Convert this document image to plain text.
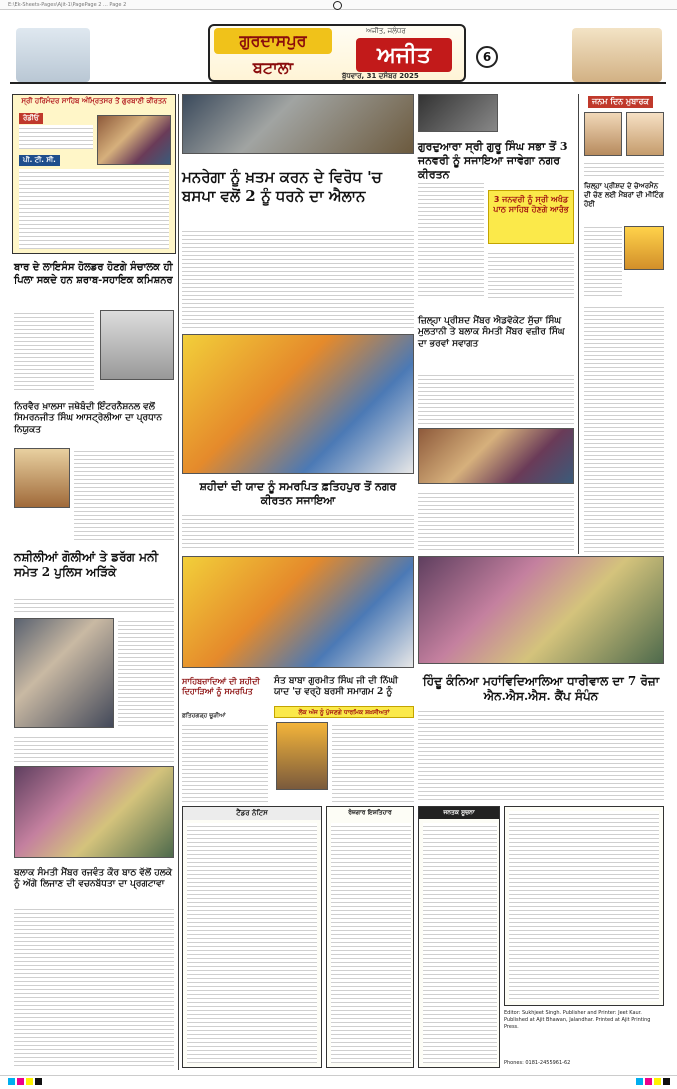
E:\Ek-Sheets-Pages\Ajit-1\PagePage 2 ... Page 2
ਗੁਰਦਾਸਪੁਰ
ਬਟਾਲਾ	ਅਜੀਤ
ਅਜੀਤ, ਜਲੰਧਰ
ਬੁੱਧਵਾਰ, 31 ਦਸੰਬਰ 2025
6
ਸ੍ਰੀ ਹਰਿਮੰਦਰ ਸਾਹਿਬ ਅੰਮ੍ਰਿਤਸਰ ਤੋਂ ਗੁਰਬਾਣੀ ਕੀਰਤਨ
ਰੇਡੀਓ
ਪੀ. ਟੀ. ਸੀ.
ਬਾਰ ਦੇ ਲਾਇਸੰਸ ਹੋਲਡਰ ਹੋਣਗੇ ਸੰਚਾਲਕ ਹੀ ਪਿਲਾ ਸਕਦੇ ਹਨ ਸ਼ਰਾਬ-ਸਹਾਇਕ ਕਮਿਸ਼ਨਰ
ਨਿਰਵੈਰ ਖ਼ਾਲਸਾ ਜਥੇਬੰਦੀ ਇੰਟਰਨੈਸ਼ਨਲ ਵਲੋਂ ਸਿਮਰਨਜੀਤ ਸਿੰਘ ਆਸਟ੍ਰੇਲੀਆ ਦਾ ਪ੍ਰਧਾਨ ਨਿਯੁਕਤ
ਨਸ਼ੀਲੀਆਂ ਗੋਲੀਆਂ ਤੇ ਡਰੱਗ ਮਨੀ ਸਮੇਤ 2 ਪੁਲਿਸ ਅੜਿੱਕੇ
ਬਲਾਕ ਸੰਮਤੀ ਮੈਂਬਰ ਰਜਵੰਤ ਕੌਰ ਬਾਠ ਵੱਲੋਂ ਹਲਕੇ ਨੂੰ ਅੱਗੇ ਲਿਜਾਣ ਦੀ ਵਚਨਬੱਧਤਾ ਦਾ ਪ੍ਰਗਟਾਵਾ

ਮਨਰੇਗਾ ਨੂੰ ਖ਼ਤਮ ਕਰਨ ਦੇ ਵਿਰੋਧ 'ਚ ਬਸਪਾ ਵਲੋਂ 2 ਨੂੰ ਧਰਨੇ ਦਾ ਐਲਾਨ
ਸ਼ਹੀਦਾਂ ਦੀ ਯਾਦ ਨੂੰ ਸਮਰਪਿਤ ਫ਼ਤਿਹਪੁਰ ਤੋਂ ਨਗਰ ਕੀਰਤਨ ਸਜਾਇਆ
ਗੁਰਦੁਆਰਾ ਸ੍ਰੀ ਗੁਰੂ ਸਿੰਘ ਸਭਾ ਤੋਂ 3 ਜਨਵਰੀ ਨੂੰ ਸਜਾਇਆ ਜਾਵੇਗਾ ਨਗਰ ਕੀਰਤਨ
3 ਜਨਵਰੀ ਨੂੰ ਸ੍ਰੀ ਅਖੰਡ ਪਾਠ ਸਾਹਿਬ ਹੋਣਗੇ ਆਰੰਭ
ਜ਼ਿਲ੍ਹਾ ਪ੍ਰੀਸ਼ਦ ਮੈਂਬਰ ਐਡਵੋਕੇਟ ਸੁੱਚਾ ਸਿੰਘ ਮੁਲਤਾਨੀ ਤੇ ਬਲਾਕ ਸੰਮਤੀ ਮੈਂਬਰ ਵਜ਼ੀਰ ਸਿੰਘ ਦਾ ਭਰਵਾਂ ਸਵਾਗਤ
ਜਨਮ ਦਿਨ ਮੁਬਾਰਕ
ਜ਼ਿਲ੍ਹਾ ਪ੍ਰੀਸ਼ਦ ਦੇ ਚੇਅਰਮੈਨ ਦੀ ਚੋਣ ਲਈ ਮੈਂਬਰਾਂ ਦੀ ਮੀਟਿੰਗ ਹੋਈ
ਸਾਹਿਬਜ਼ਾਦਿਆਂ ਦੀ ਸ਼ਹੀਦੀ ਦਿਹਾੜਿਆਂ ਨੂੰ ਸਮਰਪਿਤ
ਫ਼ਤਿਹਗੜ੍ਹ ਚੂੜੀਆਂ
ਸੰਤ ਬਾਬਾ ਗੁਰਮੀਤ ਸਿੰਘ ਜੀ ਦੀ ਨਿੱਘੀ ਯਾਦ 'ਚ ਵਰ੍ਹੇ ਬਰਸੀ ਸਮਾਗਮ 2 ਨੂੰ
ਲੋਕ ਅੱਜ ਨੂੰ ਪੁੱਜਣਗੇ ਧਾਰਮਿਕ ਸ਼ਖ਼ਸੀਅਤਾਂ
ਹਿੰਦੂ ਕੰਨਿਆ ਮਹਾਂਵਿਦਿਆਲਿਆ ਧਾਰੀਵਾਲ ਦਾ 7 ਰੋਜ਼ਾ ਐਨ.ਐਸ.ਐਸ. ਕੈਂਪ ਸੰਪੰਨ
ਟੈਂਡਰ ਨੋਟਿਸ	ਰੋਜ਼ਗਾਰ ਇਸ਼ਤਿਹਾਰ	ਜਨਤਕ ਸੂਚਨਾ
Editor: Sukhjeet Singh. Publisher and Printer: Jeet Kaur. Published at Ajit Bhawan, Jalandhar. Printed at Ajit Printing Press.
Phones: 0181-2455961-62
